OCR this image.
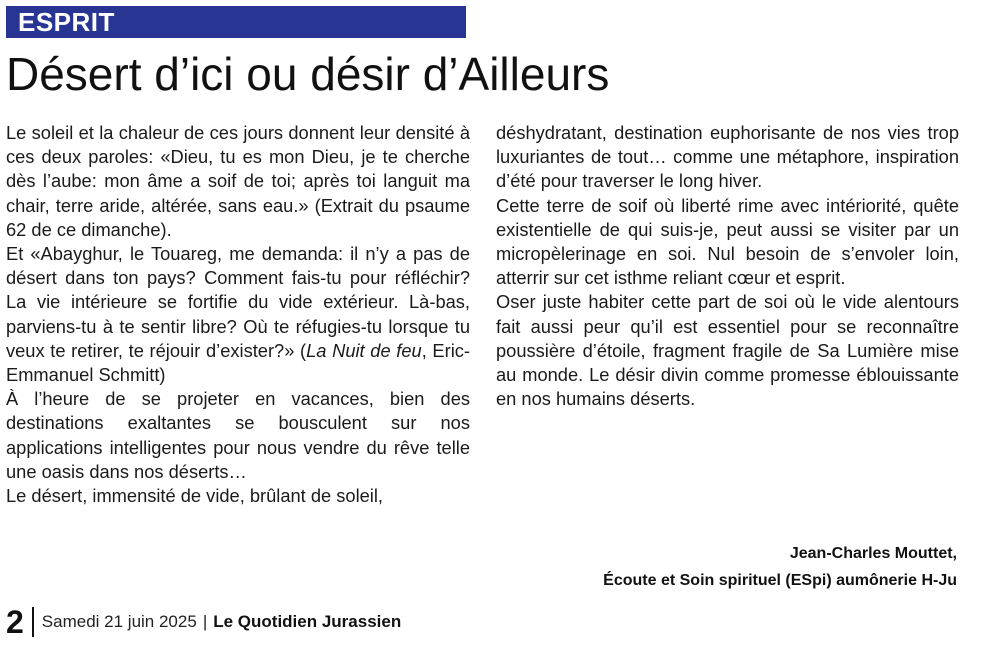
ESPRIT
Désert d’ici ou désir d’Ailleurs

Le soleil et la chaleur de ces jours donnent leur densité à ces deux paroles: «Dieu, tu es mon Dieu, je te cherche dès l’aube: mon âme a soif de toi; après toi languit ma chair, terre aride, altérée, sans eau.» (Extrait du psaume 62 de ce dimanche).

Et «Abayghur, le Touareg, me demanda: il n’y a pas de désert dans ton pays? Comment fais-tu pour réfléchir? La vie intérieure se fortifie du vide extérieur. Là-bas, parviens-tu à te sentir libre? Où te réfugies-tu lorsque tu veux te retirer, te réjouir d’exister?» (La Nuit de feu, Eric-Emmanuel Schmitt)

À l’heure de se projeter en vacances, bien des destinations exaltantes se bousculent sur nos applications intelligentes pour nous vendre du rêve telle une oasis dans nos déserts…

Le désert, immensité de vide, brûlant de soleil,

déshydratant, destination euphorisante de nos vies trop luxuriantes de tout… comme une métaphore, inspiration d’été pour traverser le long hiver.

Cette terre de soif où liberté rime avec intériorité, quête existentielle de qui suis-je, peut aussi se visiter par un micropèlerinage en soi. Nul besoin de s’envoler loin, atterrir sur cet isthme reliant cœur et esprit.

Oser juste habiter cette part de soi où le vide alentours fait aussi peur qu’il est essentiel pour se reconnaître poussière d’étoile, fragment fragile de Sa Lumière mise au monde. Le désir divin comme promesse éblouissante en nos humains déserts.

Jean-Charles Mouttet,
Écoute et Soin spirituel (ESpi) aumônerie H-Ju
2 Samedi 21 juin 2025 | Le Quotidien Jurassien
